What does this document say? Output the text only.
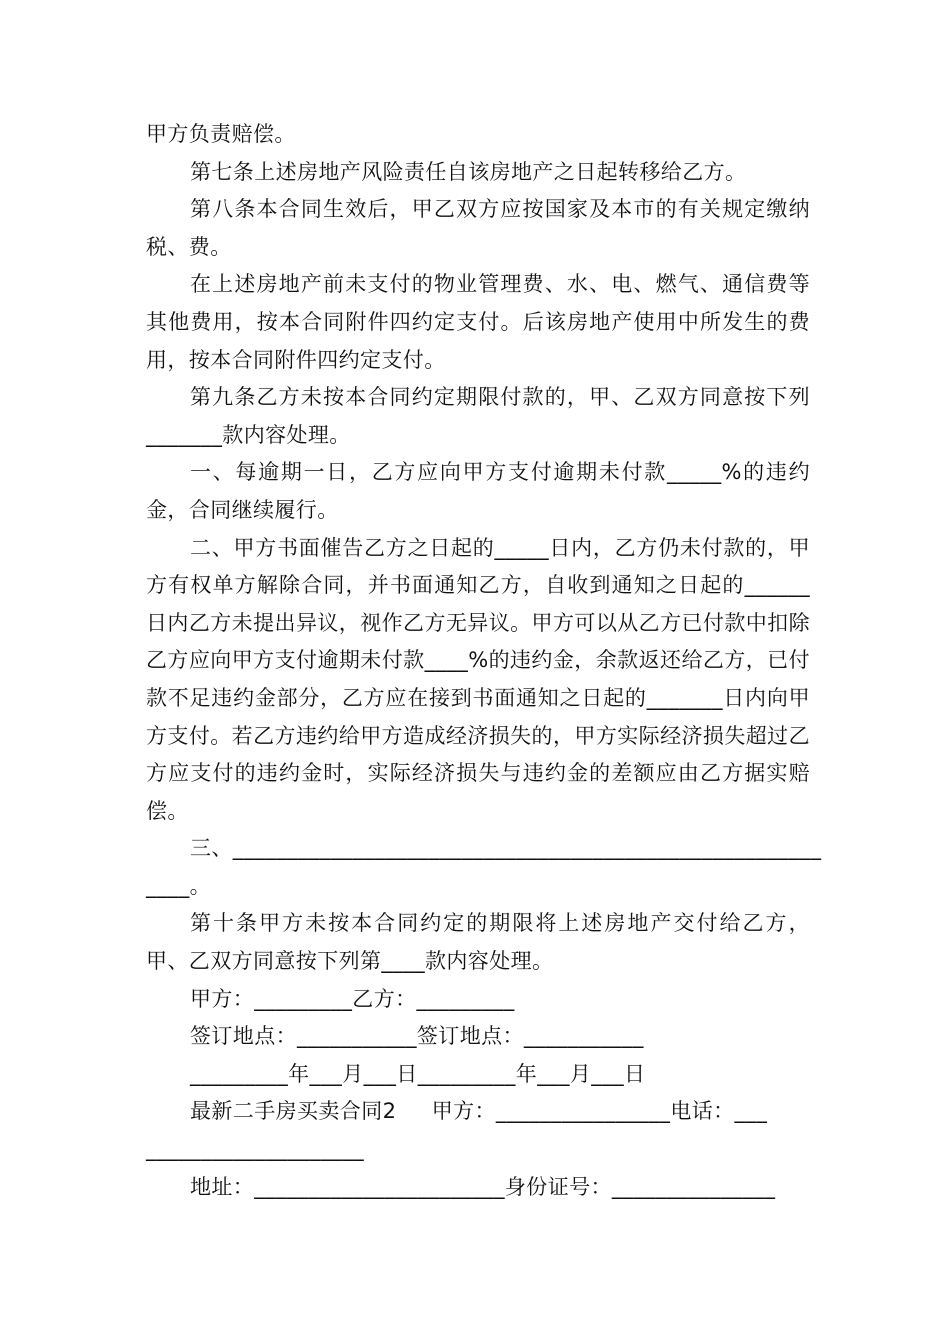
甲方负责赔偿。

第七条上述房地产风险责任自该房地产之日起转移给乙方。

第八条本合同生效后，甲乙双方应按国家及本市的有关规定缴纳税、费。

在上述房地产前未支付的物业管理费、水、电、燃气、通信费等其他费用，按本合同附件四约定支付。后该房地产使用中所发生的费用，按本合同附件四约定支付。

第九条乙方未按本合同约定期限付款的，甲、乙双方同意按下列_______款内容处理。

一、每逾期一日，乙方应向甲方支付逾期未付款_____%的违约金，合同继续履行。

二、甲方书面催告乙方之日起的_____日内，乙方仍未付款的，甲方有权单方解除合同，并书面通知乙方，自收到通知之日起的______日内乙方未提出异议，视作乙方无异议。甲方可以从乙方已付款中扣除乙方应向甲方支付逾期未付款____%的违约金，余款返还给乙方，已付款不足违约金部分，乙方应在接到书面通知之日起的_______日内向甲方支付。若乙方违约给甲方造成经济损失的，甲方实际经济损失超过乙方应支付的违约金时，实际经济损失与违约金的差额应由乙方据实赔偿。

三、______________________________________________________

____。

第十条甲方未按本合同约定的期限将上述房地产交付给乙方，甲、乙双方同意按下列第____款内容处理。

甲方：_________乙方：_________

签订地点：___________签订地点：___________

_________年___月___日_________年___月___日

最新二手房买卖合同2     甲方：________________电话：___

____________________

地址：_______________________身份证号：_______________
